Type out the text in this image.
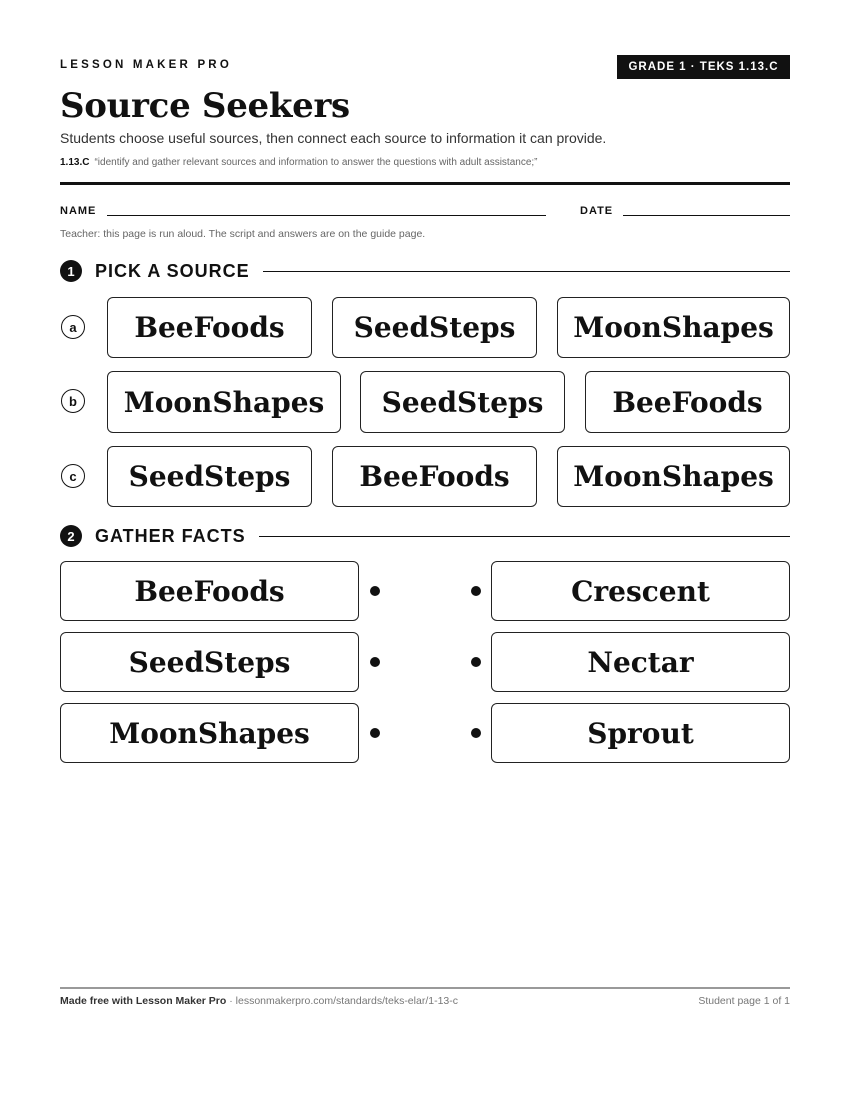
LESSON MAKER PRO	GRADE 1 · TEKS 1.13.C
Source Seekers
Students choose useful sources, then connect each source to information it can provide.
1.13.C “identify and gather relevant sources and information to answer the questions with adult assistance;”
NAME	DATE
Teacher: this page is run aloud. The script and answers are on the guide page.
1	PICK A SOURCE
a	BeeFoods	SeedSteps	MoonShapes
b	MoonShapes	SeedSteps	BeeFoods
c	SeedSteps	BeeFoods	MoonShapes
2	GATHER FACTS
BeeFoods	Crescent
SeedSteps	Nectar
MoonShapes	Sprout
Made free with Lesson Maker Pro · lessonmakerpro.com/standards/teks-elar/1-13-c	Student page 1 of 1
